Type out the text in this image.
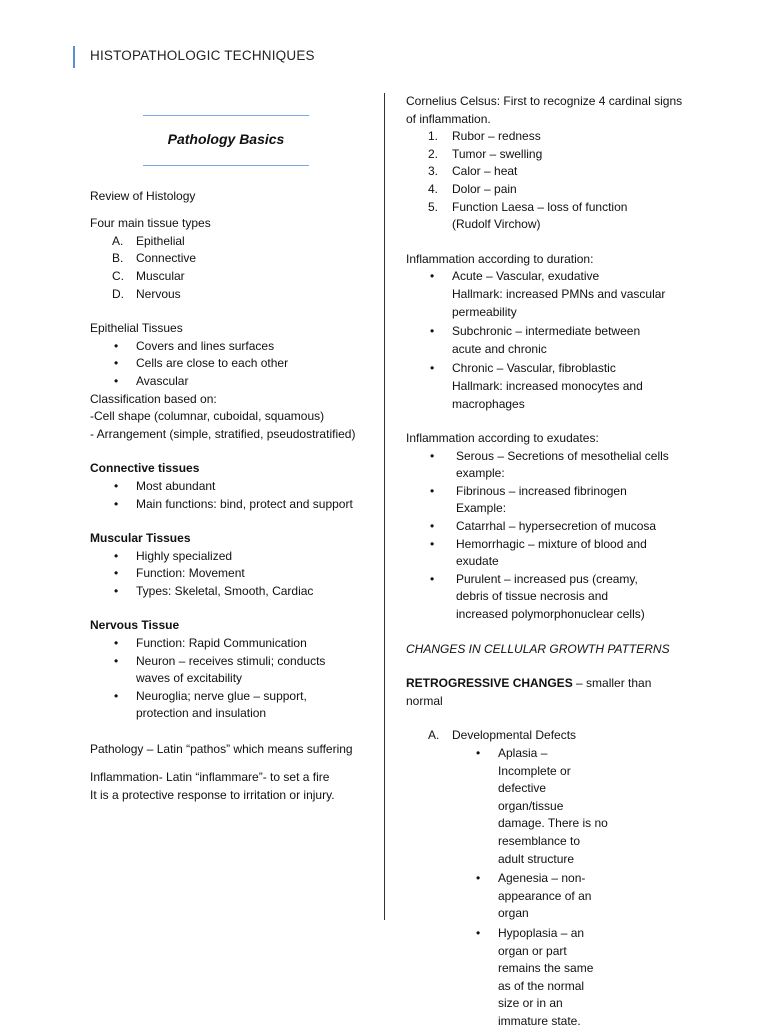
HISTOPATHOLOGIC TECHNIQUES
Pathology Basics

Review of Histology

Four main tissue types

A. Epithelial
B. Connective
C. Muscular
D. Nervous

Epithelial Tissues

• Covers and lines surfaces
• Cells are close to each other
• Avascular

Classification based on:

-Cell shape (columnar, cuboidal, squamous)

- Arrangement (simple, stratified, pseudostratified)

Connective tissues

• Most abundant
• Main functions: bind, protect and support

Muscular Tissues

• Highly specialized
• Function: Movement
• Types: Skeletal, Smooth, Cardiac

Nervous Tissue

• Function: Rapid Communication
• Neuron – receives stimuli; conducts waves of excitability
• Neuroglia; nerve glue – support, protection and insulation

Pathology – Latin “pathos” which means suffering

Inflammation- Latin “inflammare”- to set a fire

It is a protective response to irritation or injury.

Cornelius Celsus: First to recognize 4 cardinal signs of inflammation.

1. Rubor – redness
2. Tumor – swelling
3. Calor – heat
4. Dolor – pain
5. Function Laesa – loss of function (Rudolf Virchow)

Inflammation according to duration:

• Acute – Vascular, exudative
Hallmark: increased PMNs and vascular permeability
• Subchronic – intermediate between acute and chronic
• Chronic – Vascular, fibroblastic
Hallmark: increased monocytes and macrophages

Inflammation according to exudates:

• Serous – Secretions of mesothelial cells
example:
• Fibrinous – increased fibrinogen
Example:
• Catarrhal – hypersecretion of mucosa
• Hemorrhagic – mixture of blood and exudate
• Purulent – increased pus (creamy, debris of tissue necrosis and increased polymorphonuclear cells)

CHANGES IN CELLULAR GROWTH PATTERNS

RETROGRESSIVE CHANGES – smaller than normal

A. Developmental Defects
• Aplasia – Incomplete or defective organ/tissue damage. There is no resemblance to adult structure
• Agenesia – non-appearance of an organ
• Hypoplasia – an organ or part remains the same as of the normal size or in an immature state.
